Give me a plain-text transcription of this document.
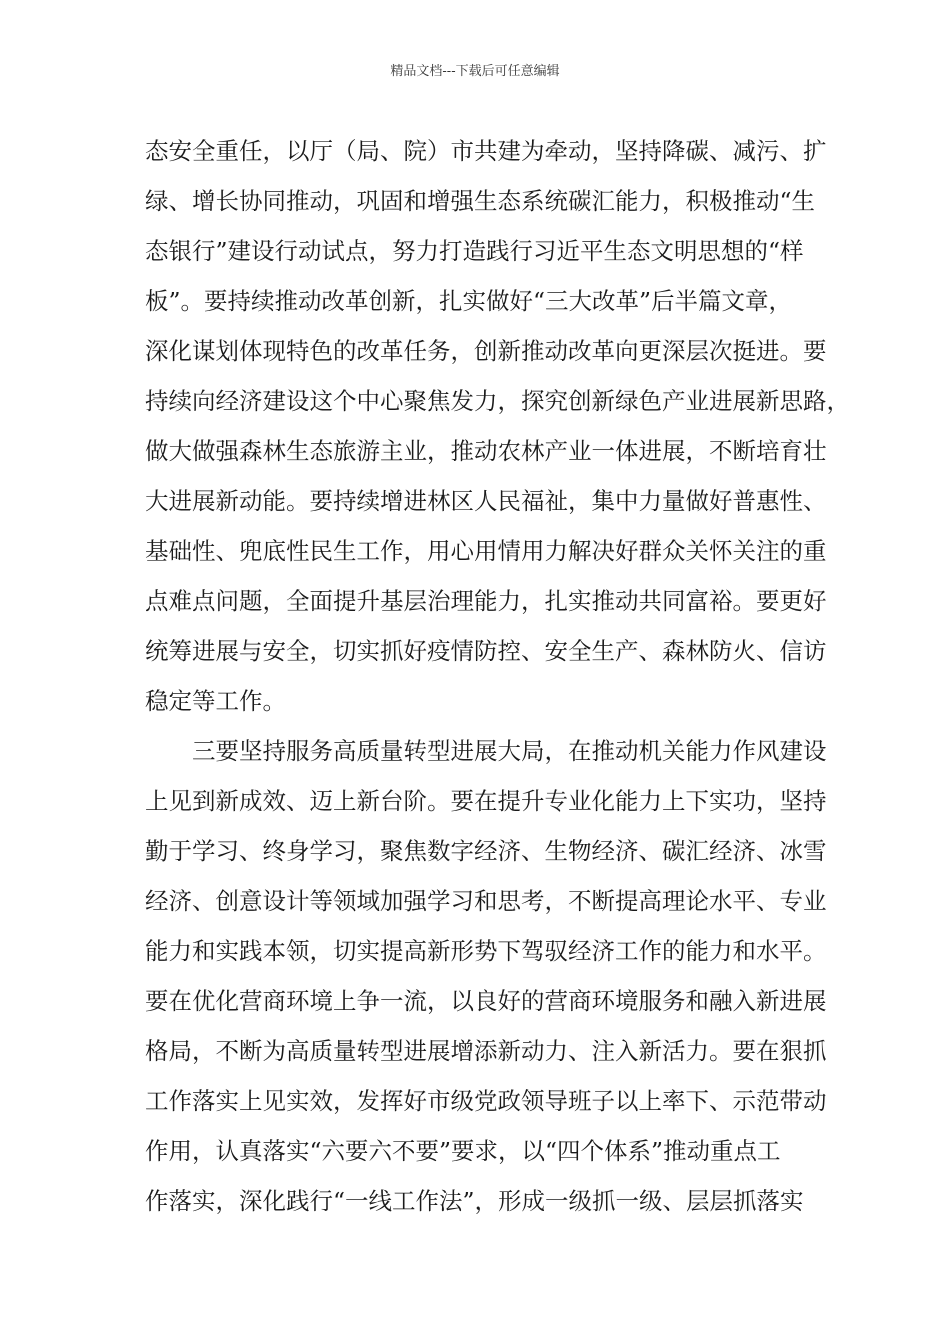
精品文档---下载后可任意编辑
态安全重任，以厅（局、院）市共建为牵动，坚持降碳、减污、扩
绿、增长协同推动，巩固和增强生态系统碳汇能力，积极推动“生
态银行”建设行动试点，努力打造践行习近平生态文明思想的“样
板”。要持续推动改革创新，扎实做好“三大改革”后半篇文章，
深化谋划体现特色的改革任务，创新推动改革向更深层次挺进。要
持续向经济建设这个中心聚焦发力，探究创新绿色产业进展新思路，
做大做强森林生态旅游主业，推动农林产业一体进展，不断培育壮
大进展新动能。要持续增进林区人民福祉，集中力量做好普惠性、
基础性、兜底性民生工作，用心用情用力解决好群众关怀关注的重
点难点问题，全面提升基层治理能力，扎实推动共同富裕。要更好
统筹进展与安全，切实抓好疫情防控、安全生产、森林防火、信访
稳定等工作。
三要坚持服务高质量转型进展大局，在推动机关能力作风建设
上见到新成效、迈上新台阶。要在提升专业化能力上下实功，坚持
勤于学习、终身学习，聚焦数字经济、生物经济、碳汇经济、冰雪
经济、创意设计等领域加强学习和思考，不断提高理论水平、专业
能力和实践本领，切实提高新形势下驾驭经济工作的能力和水平。
要在优化营商环境上争一流，以良好的营商环境服务和融入新进展
格局，不断为高质量转型进展增添新动力、注入新活力。要在狠抓
工作落实上见实效，发挥好市级党政领导班子以上率下、示范带动
作用，认真落实“六要六不要”要求，以“四个体系”推动重点工
作落实，深化践行“一线工作法”，形成一级抓一级、层层抓落实
